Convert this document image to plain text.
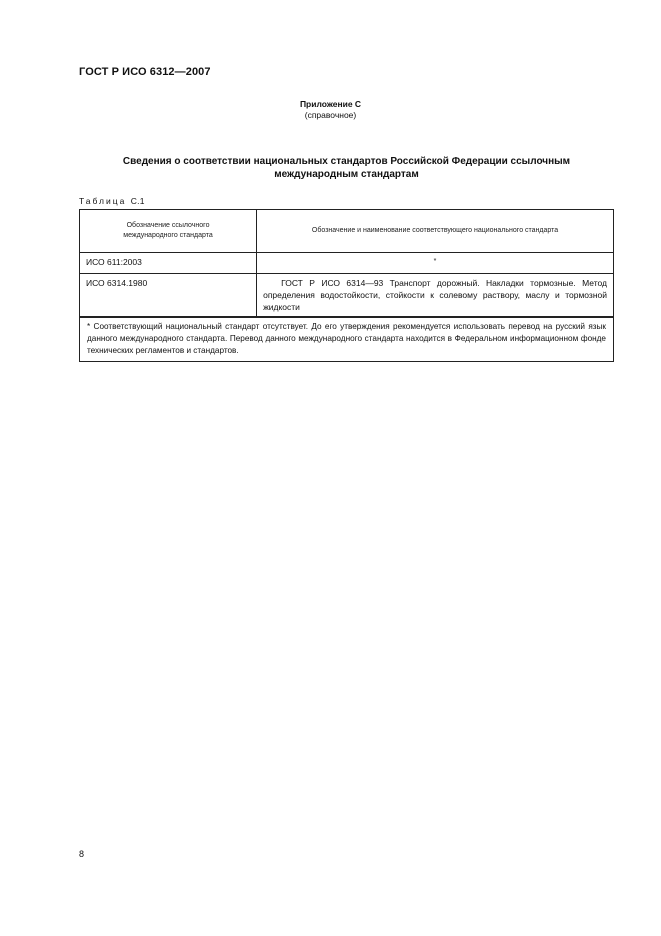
ГОСТ Р ИСО 6312—2007
Приложение С
(справочное)
Сведения о соответствии национальных стандартов Российской Федерации ссылочным
международным стандартам
Таблица С.1
Обозначение ссылочного
международного стандарта	Обозначение и наименование соответствующего национального стандарта
ИСО 611:2003	*
ИСО 6314.1980	ГОСТ Р ИСО 6314—93 Транспорт дорожный. Накладки тормозные. Метод определения водостойкости, стойкости к солевому раствору, маслу и тормозной жидкости
* Соответствующий национальный стандарт отсутствует. До его утверждения рекомендуется использовать перевод на русский язык данного международного стандарта. Перевод данного международного стандарта находится в Федеральном информационном фонде технических регламентов и стандартов.	
8
